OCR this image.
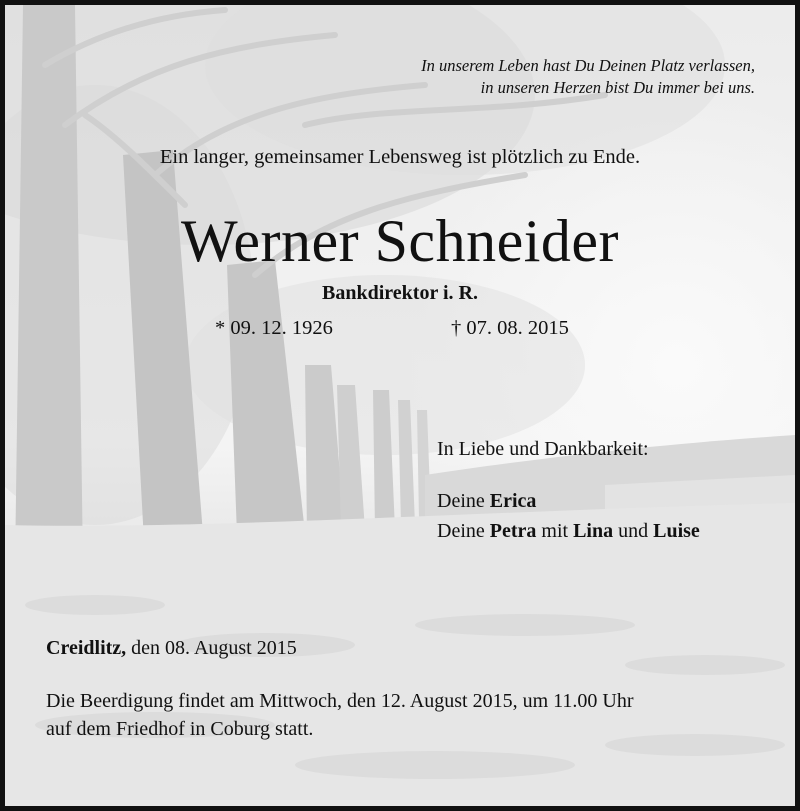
In unserem Leben hast Du Deinen Platz verlassen,

in unseren Herzen bist Du immer bei uns.

Ein langer, gemeinsamer Lebensweg ist plötzlich zu Ende.

Werner Schneider

Bankdirektor i. R.

* 09. 12. 1926	† 07. 08. 2015

In Liebe und Dankbarkeit:

Deine Erica

Deine Petra mit Lina und Luise

Creidlitz, den 08. August 2015

Die Beerdigung findet am Mittwoch, den 12. August 2015, um 11.00 Uhr

auf dem Friedhof in Coburg statt.
